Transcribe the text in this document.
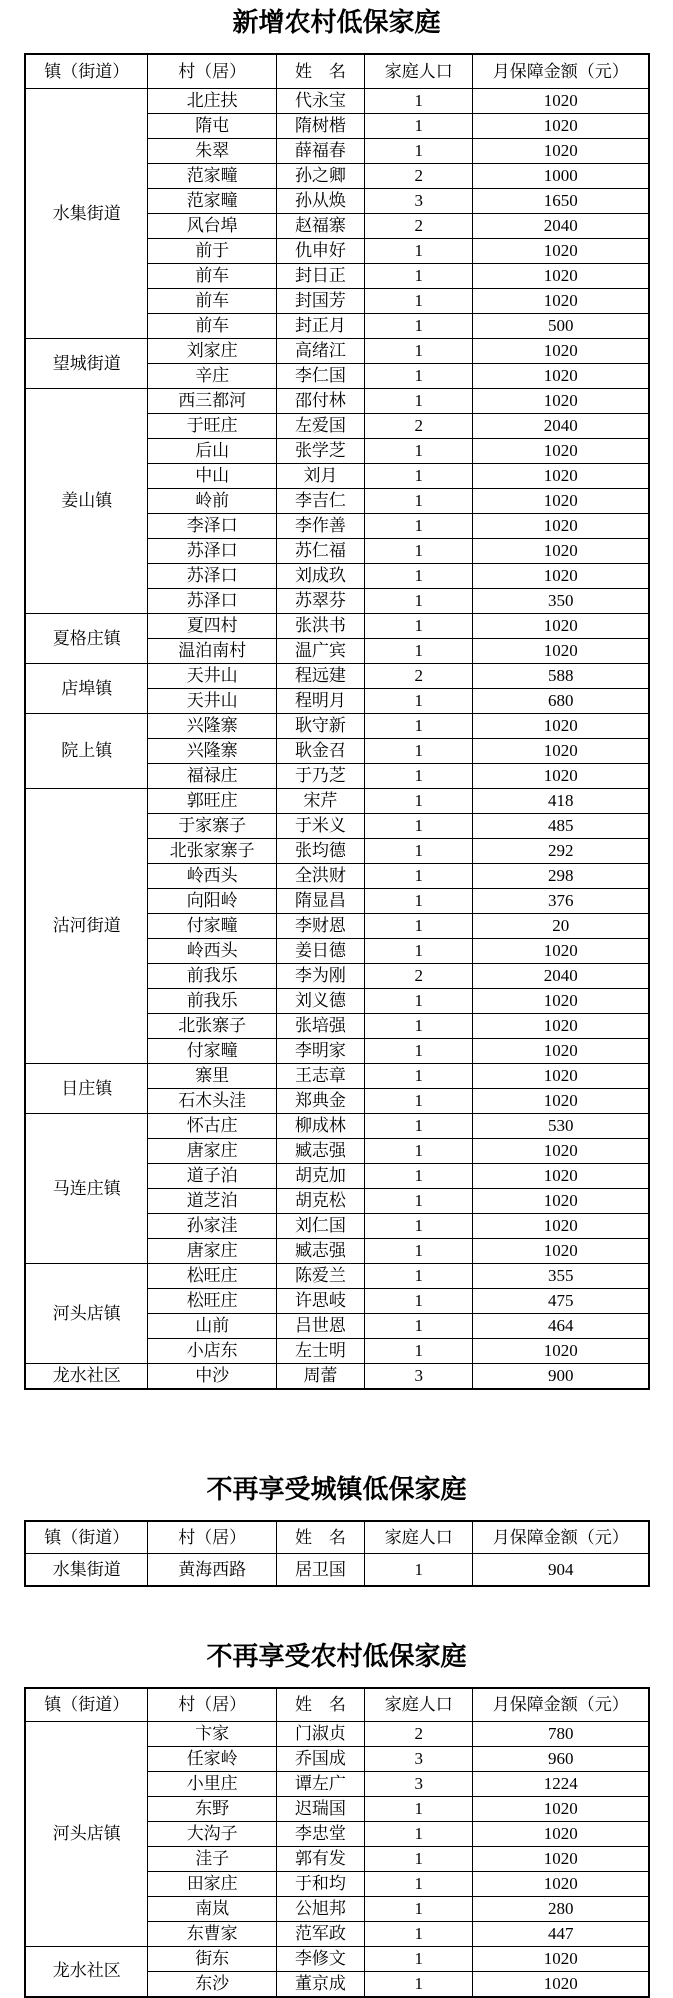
新增农村低保家庭
镇（街道）	村（居）	姓　名	家庭人口	月保障金额（元）
水集街道	北庄扶	代永宝	1	1020
	隋屯	隋树楷	1	1020
	朱翠	薛福春	1	1020
	范家疃	孙之卿	2	1000
	范家疃	孙从焕	3	1650
	风台埠	赵福寨	2	2040
	前于	仇申好	1	1020
	前车	封日正	1	1020
	前车	封国芳	1	1020
	前车	封正月	1	500
望城街道	刘家庄	高绪江	1	1020
	辛庄	李仁国	1	1020
姜山镇	西三都河	邵付林	1	1020
	于旺庄	左爱国	2	2040
	后山	张学芝	1	1020
	中山	刘月	1	1020
	岭前	李吉仁	1	1020
	李泽口	李作善	1	1020
	苏泽口	苏仁福	1	1020
	苏泽口	刘成玖	1	1020
	苏泽口	苏翠芬	1	350
夏格庄镇	夏四村	张洪书	1	1020
	温泊南村	温广宾	1	1020
店埠镇	天井山	程远建	2	588
	天井山	程明月	1	680
院上镇	兴隆寨	耿守新	1	1020
	兴隆寨	耿金召	1	1020
	福禄庄	于乃芝	1	1020
沽河街道	郭旺庄	宋芹	1	418
	于家寨子	于米义	1	485
	北张家寨子	张均德	1	292
	岭西头	全洪财	1	298
	向阳岭	隋显昌	1	376
	付家疃	李财恩	1	20
	岭西头	姜日德	1	1020
	前我乐	李为刚	2	2040
	前我乐	刘义德	1	1020
	北张寨子	张培强	1	1020
	付家疃	李明家	1	1020
日庄镇	寨里	王志章	1	1020
	石木头洼	郑典金	1	1020
马连庄镇	怀古庄	柳成林	1	530
	唐家庄	臧志强	1	1020
	道子泊	胡克加	1	1020
	道芝泊	胡克松	1	1020
	孙家洼	刘仁国	1	1020
	唐家庄	臧志强	1	1020
河头店镇	松旺庄	陈爱兰	1	355
	松旺庄	许思岐	1	475
	山前	吕世恩	1	464
	小店东	左士明	1	1020
龙水社区	中沙	周蕾	3	900
不再享受城镇低保家庭
镇（街道）	村（居）	姓　名	家庭人口	月保障金额（元）
水集街道	黄海西路	居卫国	1	904
不再享受农村低保家庭
镇（街道）	村（居）	姓　名	家庭人口	月保障金额（元）
河头店镇	卞家	门淑贞	2	780
	任家岭	乔国成	3	960
	小里庄	谭左广	3	1224
	东野	迟瑞国	1	1020
	大沟子	李忠堂	1	1020
	洼子	郭有发	1	1020
	田家庄	于和均	1	1020
	南岚	公旭邦	1	280
	东曹家	范军政	1	447
龙水社区	街东	李修文	1	1020
	东沙	董京成	1	1020
